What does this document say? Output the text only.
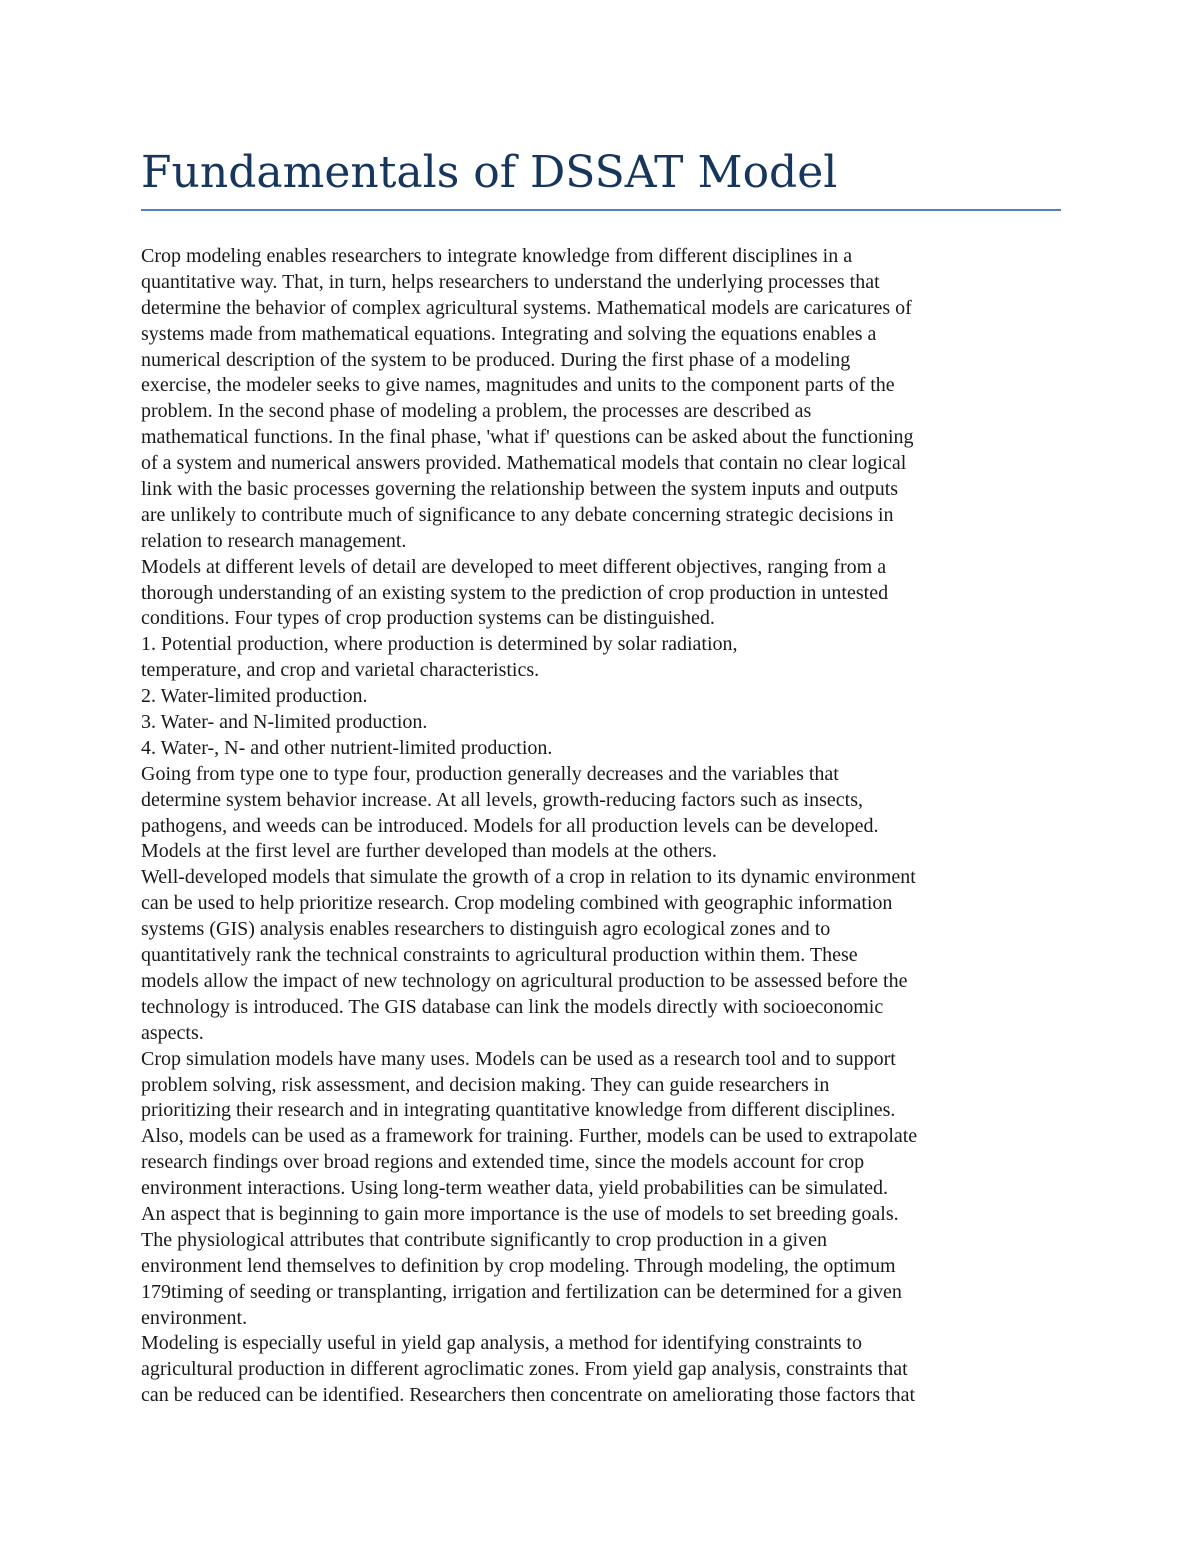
Fundamentals of DSSAT Model
Crop modeling enables researchers to integrate knowledge from different disciplines in a
quantitative way. That, in turn, helps researchers to understand the underlying processes that
determine the behavior of complex agricultural systems. Mathematical models are caricatures of
systems made from mathematical equations. Integrating and solving the equations enables a
numerical description of the system to be produced. During the first phase of a modeling
exercise, the modeler seeks to give names, magnitudes and units to the component parts of the
problem. In the second phase of modeling a problem, the processes are described as
mathematical functions. In the final phase, 'what if' questions can be asked about the functioning
of a system and numerical answers provided. Mathematical models that contain no clear logical
link with the basic processes governing the relationship between the system inputs and outputs
are unlikely to contribute much of significance to any debate concerning strategic decisions in
relation to research management.
Models at different levels of detail are developed to meet different objectives, ranging from a
thorough understanding of an existing system to the prediction of crop production in untested
conditions. Four types of crop production systems can be distinguished.
1. Potential production, where production is determined by solar radiation,
temperature, and crop and varietal characteristics.
2. Water-limited production.
3. Water- and N-limited production.
4. Water-, N- and other nutrient-limited production.
Going from type one to type four, production generally decreases and the variables that
determine system behavior increase. At all levels, growth-reducing factors such as insects,
pathogens, and weeds can be introduced. Models for all production levels can be developed.
Models at the first level are further developed than models at the others.
Well-developed models that simulate the growth of a crop in relation to its dynamic environment
can be used to help prioritize research. Crop modeling combined with geographic information
systems (GIS) analysis enables researchers to distinguish agro ecological zones and to
quantitatively rank the technical constraints to agricultural production within them. These
models allow the impact of new technology on agricultural production to be assessed before the
technology is introduced. The GIS database can link the models directly with socioeconomic
aspects.
Crop simulation models have many uses. Models can be used as a research tool and to support
problem solving, risk assessment, and decision making. They can guide researchers in
prioritizing their research and in integrating quantitative knowledge from different disciplines.
Also, models can be used as a framework for training. Further, models can be used to extrapolate
research findings over broad regions and extended time, since the models account for crop
environment interactions. Using long-term weather data, yield probabilities can be simulated.
An aspect that is beginning to gain more importance is the use of models to set breeding goals.
The physiological attributes that contribute significantly to crop production in a given
environment lend themselves to definition by crop modeling. Through modeling, the optimum
179timing of seeding or transplanting, irrigation and fertilization can be determined for a given
environment.
Modeling is especially useful in yield gap analysis, a method for identifying constraints to
agricultural production in different agroclimatic zones. From yield gap analysis, constraints that
can be reduced can be identified. Researchers then concentrate on ameliorating those factors that
